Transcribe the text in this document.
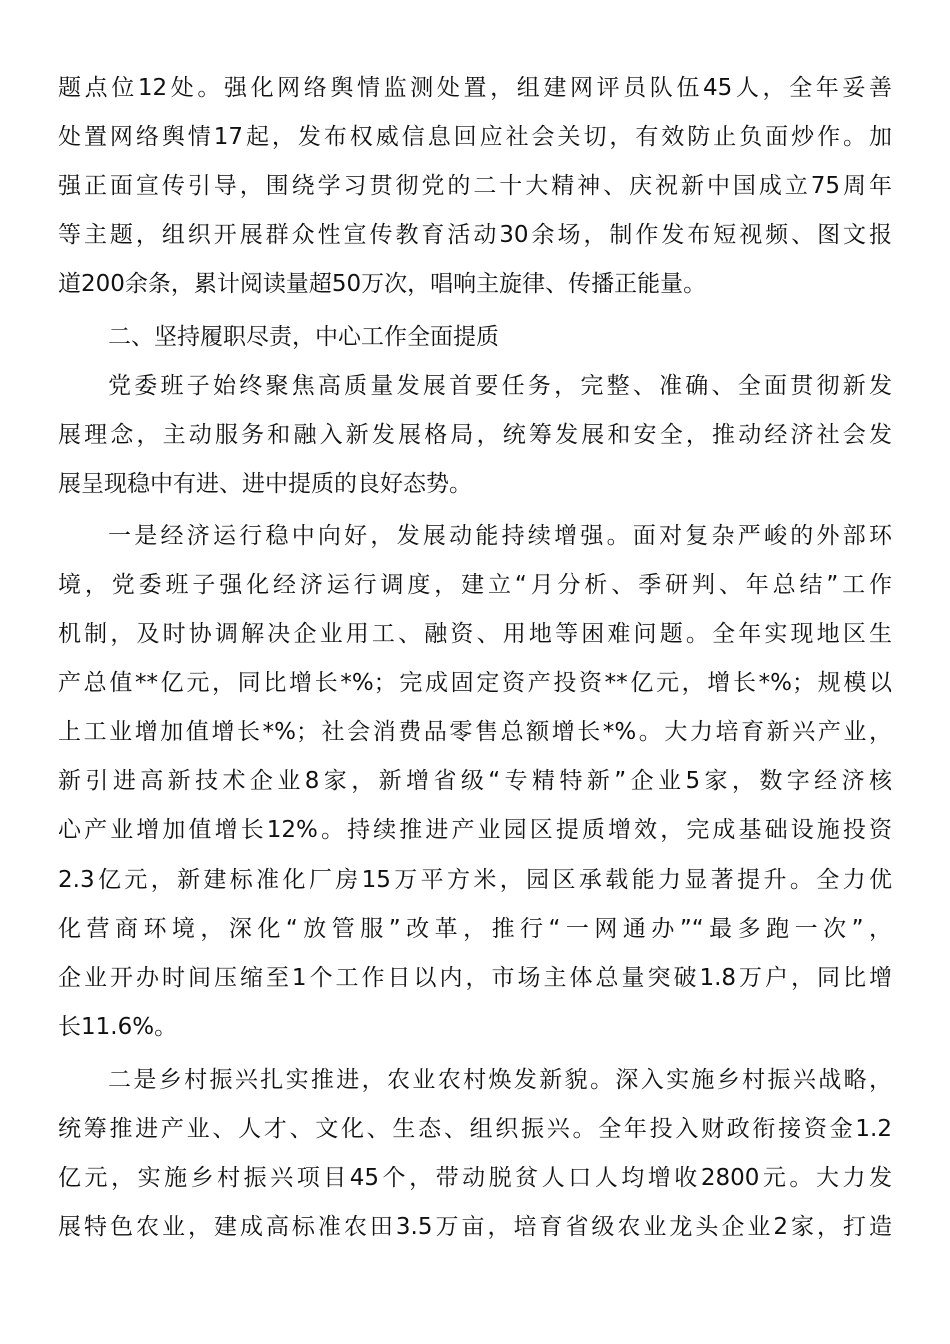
题点位12处。强化网络舆情监测处置，组建网评员队伍45人，全年妥善
处置网络舆情17起，发布权威信息回应社会关切，有效防止负面炒作。加
强正面宣传引导，围绕学习贯彻党的二十大精神、庆祝新中国成立75周年
等主题，组织开展群众性宣传教育活动30余场，制作发布短视频、图文报
道200余条，累计阅读量超50万次，唱响主旋律、传播正能量。
二、坚持履职尽责，中心工作全面提质
党委班子始终聚焦高质量发展首要任务，完整、准确、全面贯彻新发
展理念，主动服务和融入新发展格局，统筹发展和安全，推动经济社会发
展呈现稳中有进、进中提质的良好态势。
一是经济运行稳中向好，发展动能持续增强。面对复杂严峻的外部环
境，党委班子强化经济运行调度，建立“月分析、季研判、年总结”工作
机制，及时协调解决企业用工、融资、用地等困难问题。全年实现地区生
产总值**亿元，同比增长*%；完成固定资产投资**亿元，增长*%；规模以
上工业增加值增长*%；社会消费品零售总额增长*%。大力培育新兴产业，
新引进高新技术企业8家，新增省级“专精特新”企业5家，数字经济核
心产业增加值增长12%。持续推进产业园区提质增效，完成基础设施投资
2.3亿元，新建标准化厂房15万平方米，园区承载能力显著提升。全力优
化营商环境，深化“放管服”改革，推行“一网通办”“最多跑一次”，
企业开办时间压缩至1个工作日以内，市场主体总量突破1.8万户，同比增
长11.6%。
二是乡村振兴扎实推进，农业农村焕发新貌。深入实施乡村振兴战略，
统筹推进产业、人才、文化、生态、组织振兴。全年投入财政衔接资金1.2
亿元，实施乡村振兴项目45个，带动脱贫人口人均增收2800元。大力发
展特色农业，建成高标准农田3.5万亩，培育省级农业龙头企业2家，打造
